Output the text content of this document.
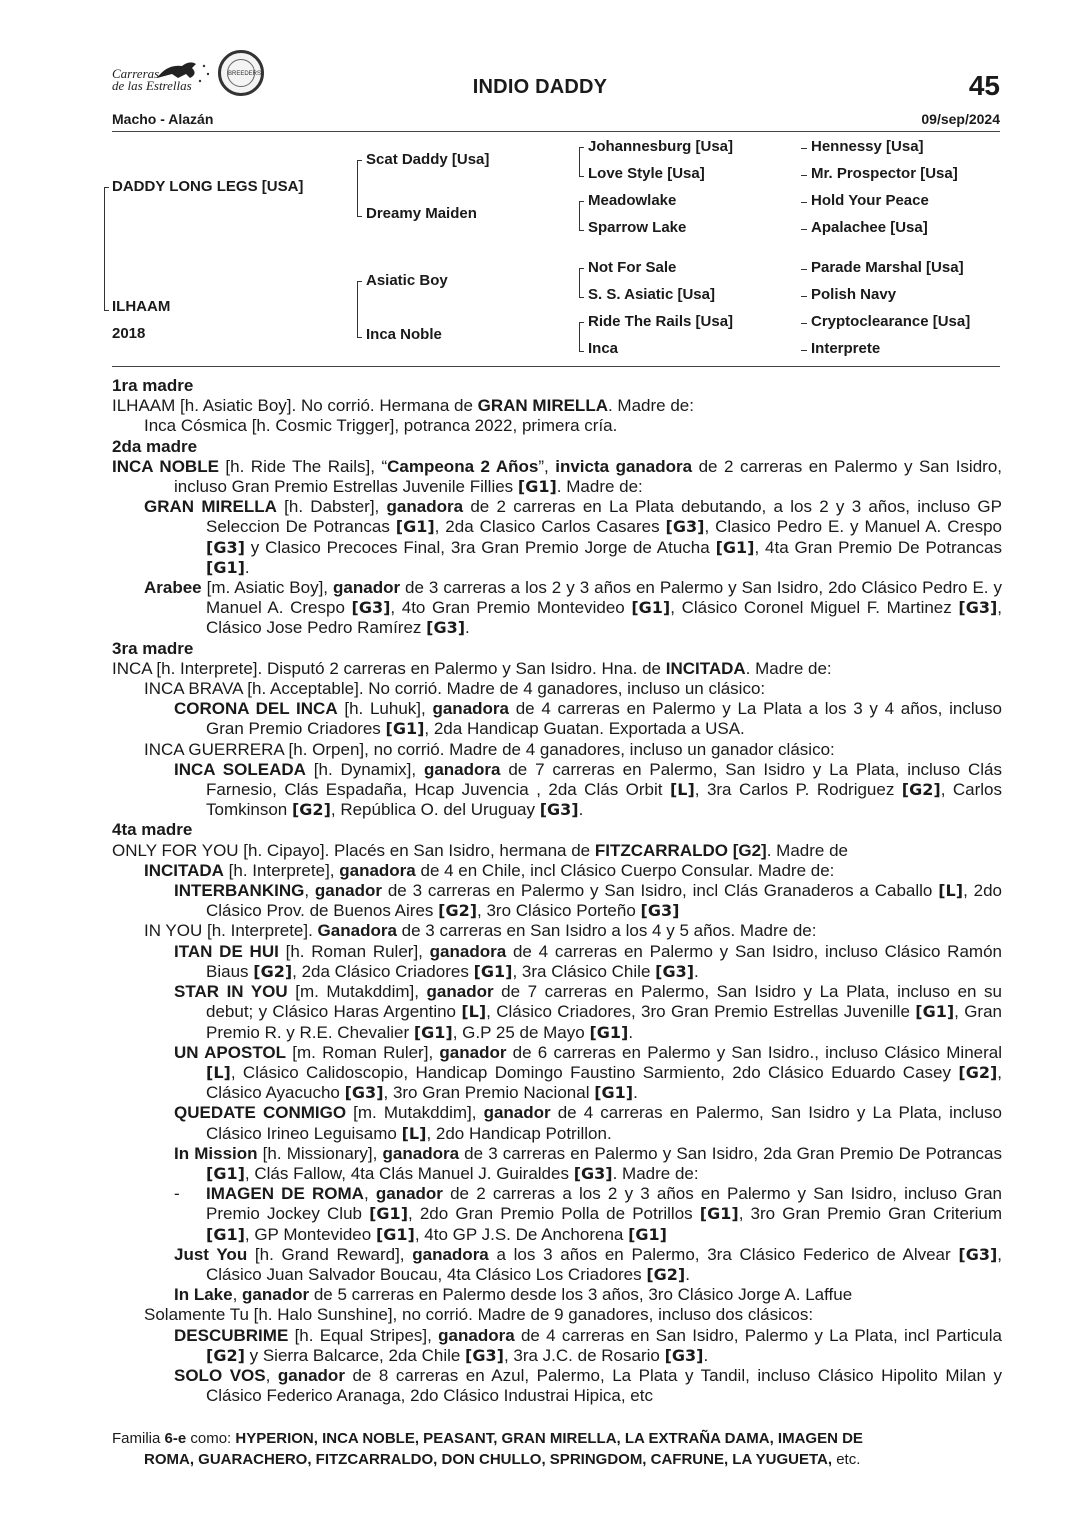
Carreras
de las Estrellas
BREEDERS
INDIO DADDY	45
Macho - Alazán	09/sep/2024
DADDY LONG LEGS [USA]
ILHAAM
2018
Scat Daddy [Usa]
Dreamy Maiden
Asiatic Boy
Inca Noble
Johannesburg [Usa]
Love Style [Usa]
Meadowlake
Sparrow Lake
Not For Sale
S. S. Asiatic [Usa]
Ride The Rails [Usa]
Inca
Hennessy [Usa]
Mr. Prospector [Usa]
Hold Your Peace
Apalachee [Usa]
Parade Marshal [Usa]
Polish Navy
Cryptoclearance [Usa]
Interprete
1ra madre

ILHAAM [h. Asiatic Boy]. No corrió. Hermana de GRAN MIRELLA. Madre de:

Inca Cósmica [h. Cosmic Trigger], potranca 2022, primera cría.

2da madre

INCA NOBLE [h. Ride The Rails], “Campeona 2 Años”, invicta ganadora de 2 carreras en Palermo y San Isidro, incluso Gran Premio Estrellas Juvenile Fillies [G1]. Madre de:

GRAN MIRELLA [h. Dabster], ganadora de 2 carreras en La Plata debutando, a los 2 y 3 años, incluso GP Seleccion De Potrancas [G1], 2da Clasico Carlos Casares [G3], Clasico Pedro E. y Manuel A. Crespo [G3] y Clasico Precoces Final, 3ra Gran Premio Jorge de Atucha [G1], 4ta Gran Premio De Potrancas [G1].

Arabee [m. Asiatic Boy], ganador de 3 carreras a los 2 y 3 años en Palermo y San Isidro, 2do Clásico Pedro E. y Manuel A. Crespo [G3], 4to Gran Premio Montevideo [G1], Clásico Coronel Miguel F. Martinez [G3], Clásico Jose Pedro Ramírez [G3].

3ra madre

INCA [h. Interprete]. Disputó 2 carreras en Palermo y San Isidro. Hna. de INCITADA. Madre de:

INCA BRAVA [h. Acceptable]. No corrió. Madre de 4 ganadores, incluso un clásico:

CORONA DEL INCA [h. Luhuk], ganadora de 4 carreras en Palermo y La Plata a los 3 y 4 años, incluso Gran Premio Criadores [G1], 2da Handicap Guatan. Exportada a USA.

INCA GUERRERA [h. Orpen], no corrió. Madre de 4 ganadores, incluso un ganador clásico:

INCA SOLEADA [h. Dynamix], ganadora de 7 carreras en Palermo, San Isidro y La Plata, incluso Clás Farnesio, Clás Espadaña, Hcap Juvencia , 2da Clás Orbit [L], 3ra Carlos P. Rodriguez [G2], Carlos Tomkinson [G2], República O. del Uruguay [G3].

4ta madre

ONLY FOR YOU [h. Cipayo]. Placés en San Isidro, hermana de FITZCARRALDO [G2]. Madre de

INCITADA [h. Interprete], ganadora de 4 en Chile, incl Clásico Cuerpo Consular. Madre de:

INTERBANKING, ganador de 3 carreras en Palermo y San Isidro, incl Clás Granaderos a Caballo [L], 2do Clásico Prov. de Buenos Aires [G2], 3ro Clásico Porteño [G3]

IN YOU [h. Interprete]. Ganadora de 3 carreras en San Isidro a los 4 y 5 años. Madre de:

ITAN DE HUI [h. Roman Ruler], ganadora de 4 carreras en Palermo y San Isidro, incluso Clásico Ramón Biaus [G2], 2da Clásico Criadores [G1], 3ra Clásico Chile [G3].

STAR IN YOU [m. Mutakddim], ganador de 7 carreras en Palermo, San Isidro y La Plata, incluso en su debut; y Clásico Haras Argentino [L], Clásico Criadores, 3ro Gran Premio Estrellas Juvenille [G1], Gran Premio R. y R.E. Chevalier [G1], G.P 25 de Mayo [G1].

UN APOSTOL [m. Roman Ruler], ganador de 6 carreras en Palermo y San Isidro., incluso Clásico Mineral [L], Clásico Calidoscopio, Handicap Domingo Faustino Sarmiento, 2do Clásico Eduardo Casey [G2], Clásico Ayacucho [G3], 3ro Gran Premio Nacional [G1].

QUEDATE CONMIGO [m. Mutakddim], ganador de 4 carreras en Palermo, San Isidro y La Plata, incluso Clásico Irineo Leguisamo [L], 2do Handicap Potrillon.

In Mission [h. Missionary], ganadora de 3 carreras en Palermo y San Isidro, 2da Gran Premio De Potrancas [G1], Clás Fallow, 4ta Clás Manuel J. Guiraldes [G3]. Madre de:

- IMAGEN DE ROMA, ganador de 2 carreras a los 2 y 3 años en Palermo y San Isidro, incluso Gran Premio Jockey Club [G1], 2do Gran Premio Polla de Potrillos [G1], 3ro Gran Premio Gran Criterium [G1], GP Montevideo [G1], 4to GP J.S. De Anchorena [G1]

Just You [h. Grand Reward], ganadora a los 3 años en Palermo, 3ra Clásico Federico de Alvear [G3], Clásico Juan Salvador Boucau, 4ta Clásico Los Criadores [G2].

In Lake, ganador de 5 carreras en Palermo desde los 3 años, 3ro Clásico Jorge A. Laffue

Solamente Tu [h. Halo Sunshine], no corrió. Madre de 9 ganadores, incluso dos clásicos:

DESCUBRIME [h. Equal Stripes], ganadora de 4 carreras en San Isidro, Palermo y La Plata, incl Particula [G2] y Sierra Balcarce, 2da Chile [G3], 3ra J.C. de Rosario [G3].

SOLO VOS, ganador de 8 carreras en Azul, Palermo, La Plata y Tandil, incluso Clásico Hipolito Milan y Clásico Federico Aranaga, 2do Clásico Industrai Hipica, etc

Familia 6-e como: HYPERION, INCA NOBLE, PEASANT, GRAN MIRELLA, LA EXTRAÑA DAMA, IMAGEN DE
ROMA, GUARACHERO, FITZCARRALDO, DON CHULLO, SPRINGDOM, CAFRUNE, LA YUGUETA, etc.
